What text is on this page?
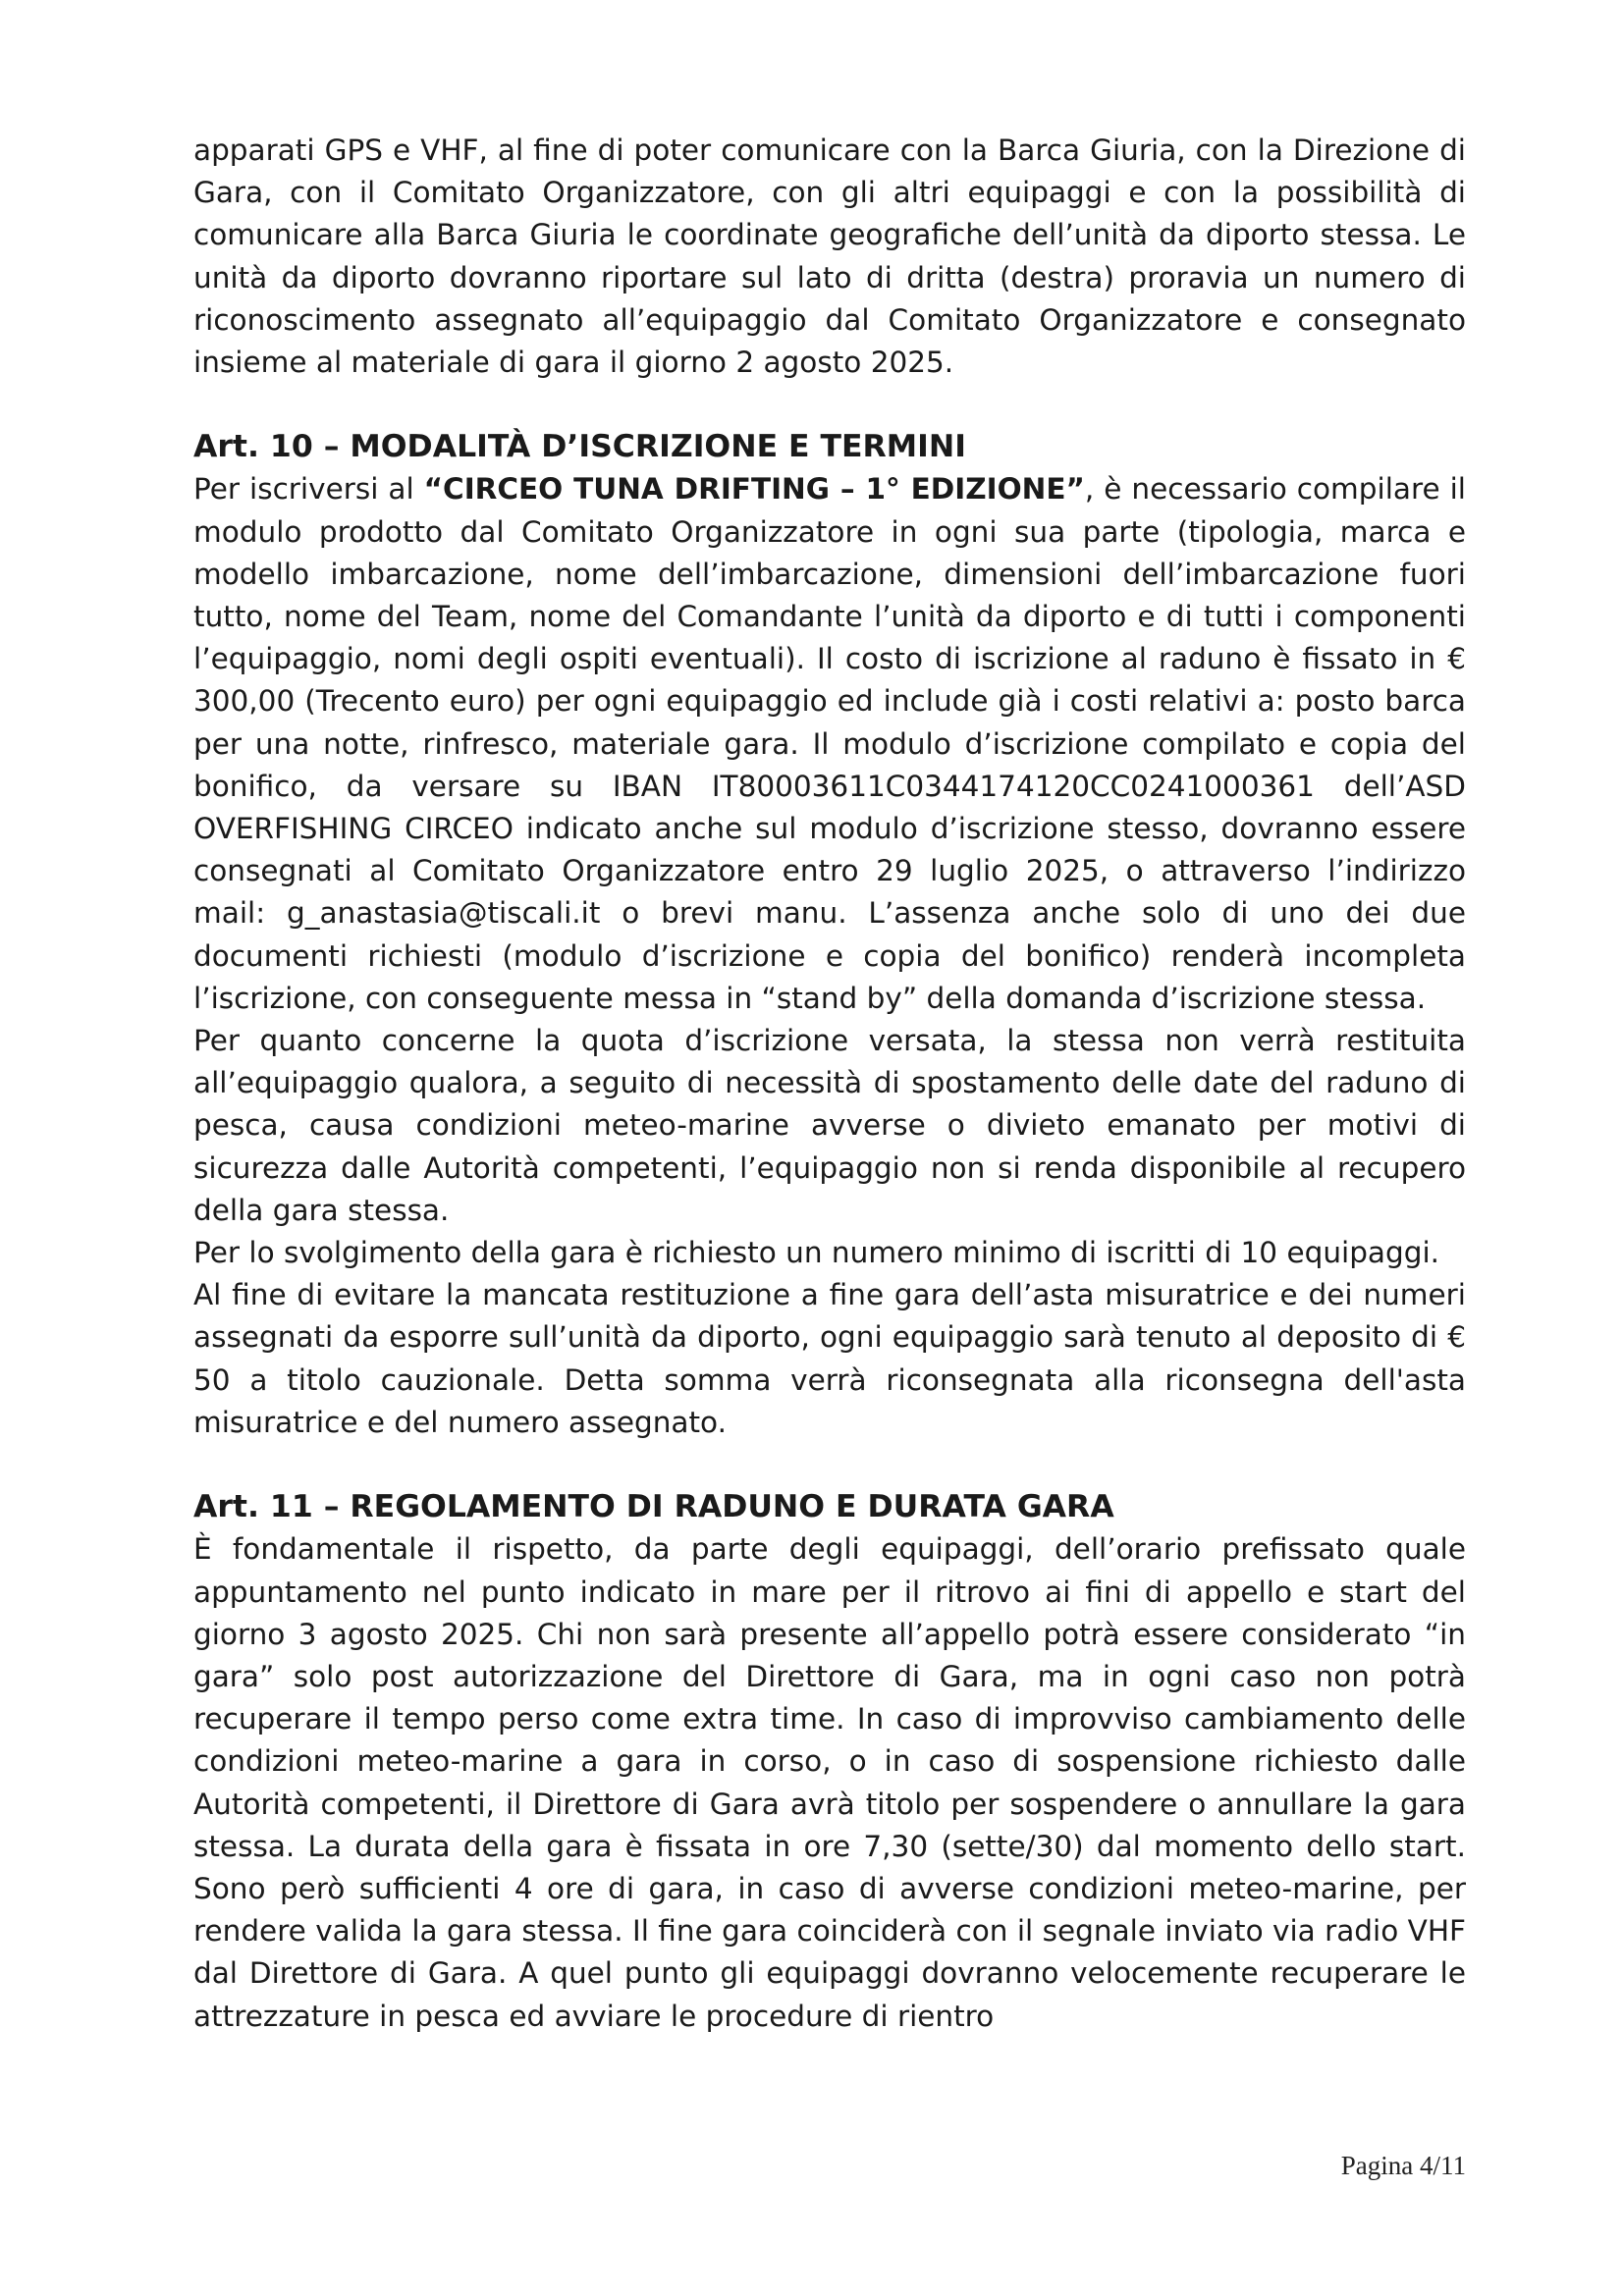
apparati GPS e VHF, al fine di poter comunicare con la Barca Giuria, con la Direzione di Gara, con il Comitato Organizzatore, con gli altri equipaggi e con la possibilità di comunicare alla Barca Giuria le coordinate geografiche dell’unità da diporto stessa. Le unità da diporto dovranno riportare sul lato di dritta (destra) proravia un numero di riconoscimento assegnato all’equipaggio dal Comitato Organizzatore e consegnato insieme al materiale di gara il giorno 2 agosto 2025.

Art. 10 – MODALITÀ D’ISCRIZIONE E TERMINI

Per iscriversi al “CIRCEO TUNA DRIFTING – 1° EDIZIONE”, è necessario compilare il modulo prodotto dal Comitato Organizzatore in ogni sua parte (tipologia, marca e modello imbarcazione, nome dell’imbarcazione, dimensioni dell’imbarcazione fuori tutto, nome del Team, nome del Comandante l’unità da diporto e di tutti i componenti l’equipaggio, nomi degli ospiti eventuali). Il costo di iscrizione al raduno è fissato in € 300,00 (Trecento euro) per ogni equipaggio ed include già i costi relativi a: posto barca per una notte, rinfresco, materiale gara. Il modulo d’iscrizione compilato e copia del bonifico, da versare su IBAN IT80003611C0344174120CC0241000361 dell’ASD OVERFISHING CIRCEO indicato anche sul modulo d’iscrizione stesso, dovranno essere consegnati al Comitato Organizzatore entro 29 luglio 2025, o attraverso l’indirizzo mail: g_anastasia@tiscali.it o brevi manu. L’assenza anche solo di uno dei due documenti richiesti (modulo d’iscrizione e copia del bonifico) renderà incompleta l’iscrizione, con conseguente messa in “stand by” della domanda d’iscrizione stessa.

Per quanto concerne la quota d’iscrizione versata, la stessa non verrà restituita all’equipaggio qualora, a seguito di necessità di spostamento delle date del raduno di pesca, causa condizioni meteo-marine avverse o divieto emanato per motivi di sicurezza dalle Autorità competenti, l’equipaggio non si renda disponibile al recupero della gara stessa.

Per lo svolgimento della gara è richiesto un numero minimo di iscritti di 10 equipaggi.

Al fine di evitare la mancata restituzione a fine gara dell’asta misuratrice e dei numeri assegnati da esporre sull’unità da diporto, ogni equipaggio sarà tenuto al deposito di € 50 a titolo cauzionale. Detta somma verrà riconsegnata alla riconsegna dell'asta misuratrice e del numero assegnato.

Art. 11 – REGOLAMENTO DI RADUNO E DURATA GARA

È fondamentale il rispetto, da parte degli equipaggi, dell’orario prefissato quale appuntamento nel punto indicato in mare per il ritrovo ai fini di appello e start del giorno 3 agosto 2025. Chi non sarà presente all’appello potrà essere considerato “in gara” solo post autorizzazione del Direttore di Gara, ma in ogni caso non potrà recuperare il tempo perso come extra time. In caso di improvviso cambiamento delle condizioni meteo-marine a gara in corso, o in caso di sospensione richiesto dalle Autorità competenti, il Direttore di Gara avrà titolo per sospendere o annullare la gara stessa. La durata della gara è fissata in ore 7,30 (sette/30) dal momento dello start. Sono però sufficienti 4 ore di gara, in caso di avverse condizioni meteo-marine, per rendere valida la gara stessa. Il fine gara coinciderà con il segnale inviato via radio VHF dal Direttore di Gara. A quel punto gli equipaggi dovranno velocemente recuperare le attrezzature in pesca ed avviare le procedure di rientro

Pagina 4/11
